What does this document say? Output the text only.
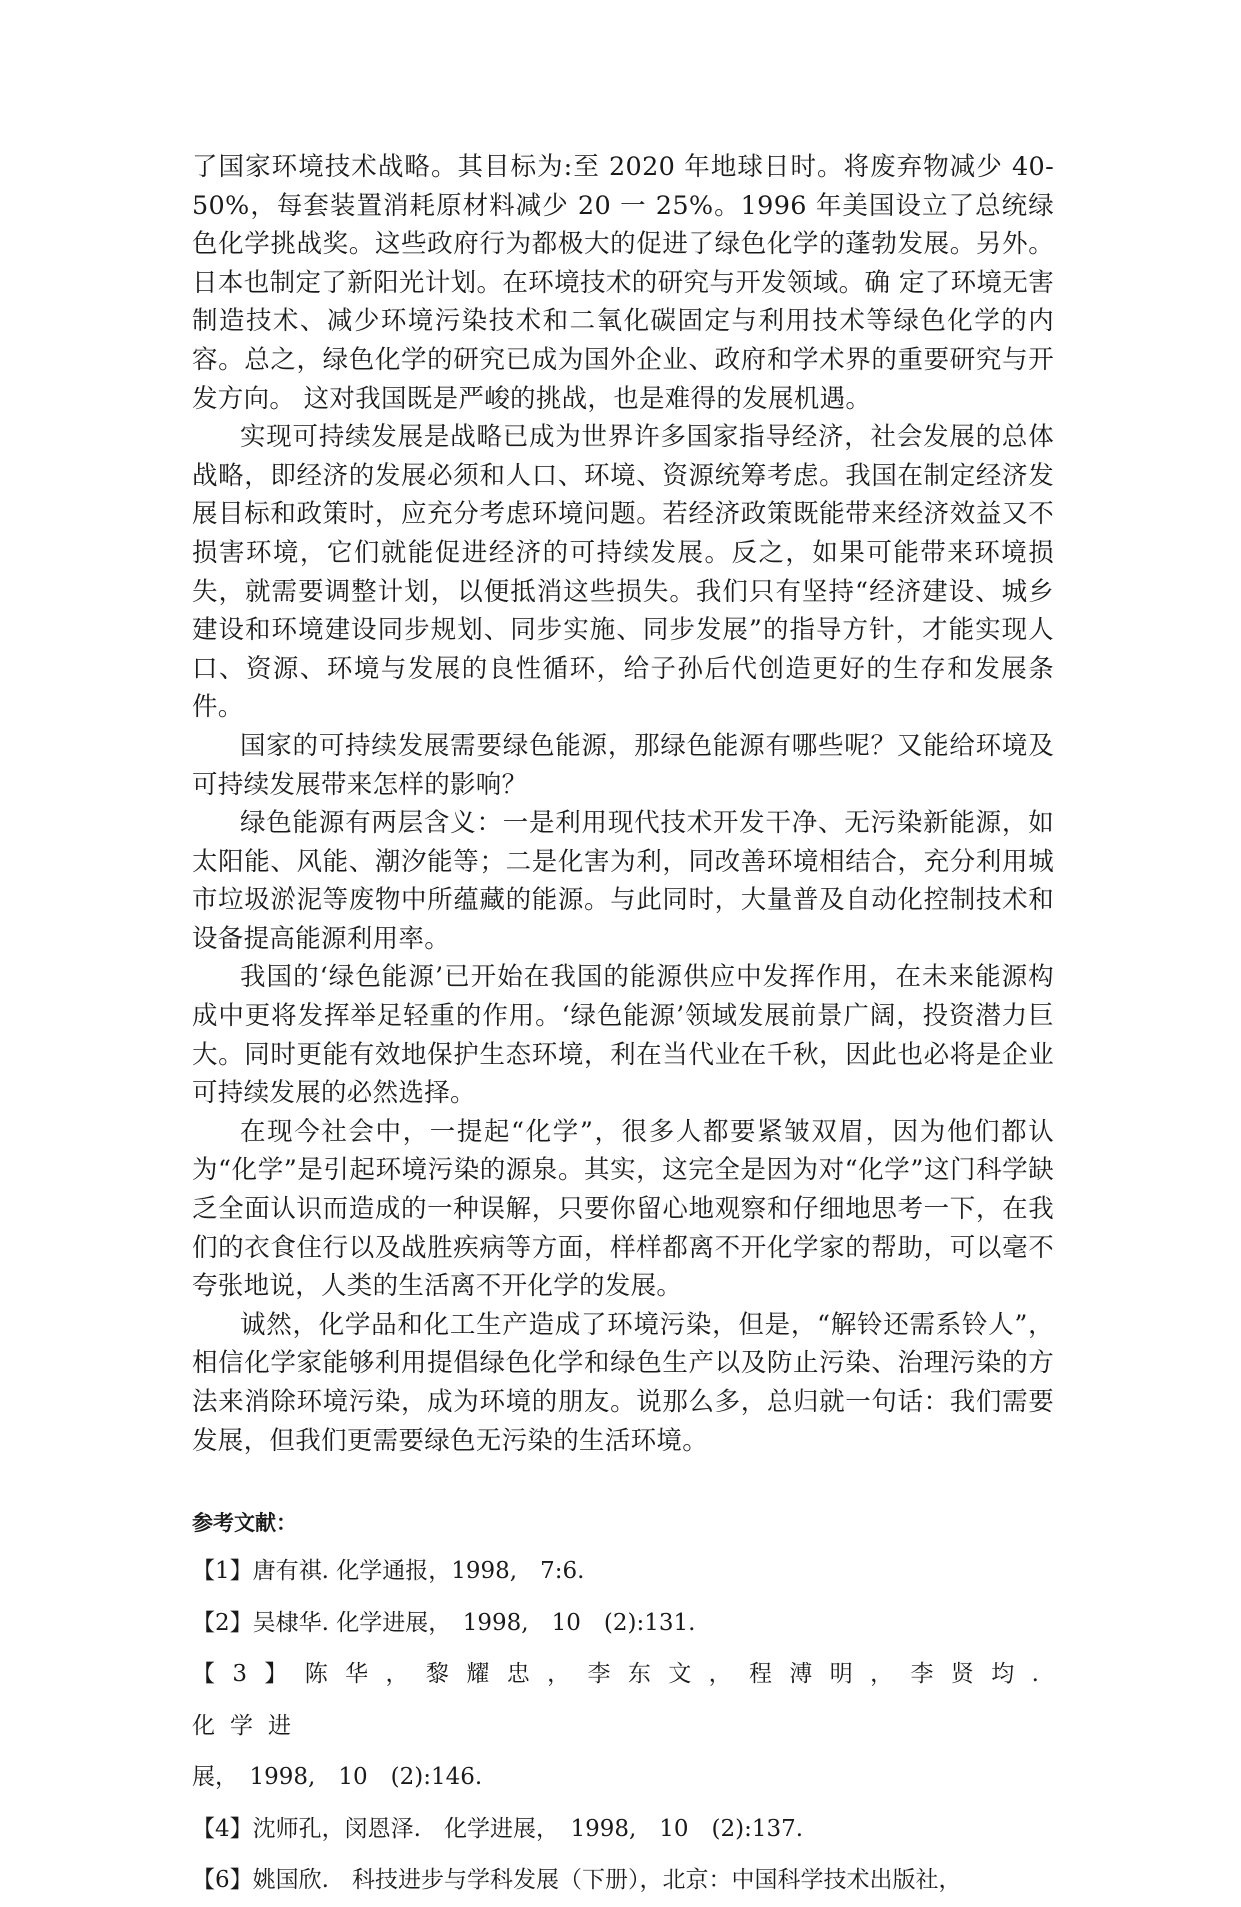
了国家环境技术战略。其目标为:至 2020 年地球日时。将废弃物减少 40-50%，每套装置消耗原材料减少 20 一 25%。1996 年美国设立了总统绿色化学挑战奖。这些政府行为都极大的促进了绿色化学的蓬勃发展。另外。日本也制定了新阳光计划。在环境技术的研究与开发领域。确 定了环境无害制造技术、减少环境污染技术和二氧化碳固定与利用技术等绿色化学的内容。总之，绿色化学的研究已成为国外企业、政府和学术界的重要研究与开发方向。 这对我国既是严峻的挑战，也是难得的发展机遇。

实现可持续发展是战略已成为世界许多国家指导经济，社会发展的总体战略，即经济的发展必须和人口、环境、资源统筹考虑。我国在制定经济发展目标和政策时，应充分考虑环境问题。若经济政策既能带来经济效益又不损害环境，它们就能促进经济的可持续发展。反之，如果可能带来环境损失，就需要调整计划，以便抵消这些损失。我们只有坚持“经济建设、城乡建设和环境建设同步规划、同步实施、同步发展”的指导方针，才能实现人口、资源、环境与发展的良性循环，给子孙后代创造更好的生存和发展条件。

国家的可持续发展需要绿色能源，那绿色能源有哪些呢？又能给环境及可持续发展带来怎样的影响？

绿色能源有两层含义：一是利用现代技术开发干净、无污染新能源，如太阳能、风能、潮汐能等；二是化害为利，同改善环境相结合，充分利用城市垃圾淤泥等废物中所蕴藏的能源。与此同时，大量普及自动化控制技术和设备提高能源利用率。

我国的‘绿色能源’已开始在我国的能源供应中发挥作用，在未来能源构成中更将发挥举足轻重的作用。‘绿色能源’领域发展前景广阔，投资潜力巨大。同时更能有效地保护生态环境，利在当代业在千秋，因此也必将是企业可持续发展的必然选择。

在现今社会中，一提起“化学”，很多人都要紧皱双眉，因为他们都认为“化学”是引起环境污染的源泉。其实，这完全是因为对“化学”这门科学缺乏全面认识而造成的一种误解，只要你留心地观察和仔细地思考一下，在我们的衣食住行以及战胜疾病等方面，样样都离不开化学家的帮助，可以毫不夸张地说，人类的生活离不开化学的发展。

诚然，化学品和化工生产造成了环境污染，但是，“解铃还需系铃人”，相信化学家能够利用提倡绿色化学和绿色生产以及防止污染、治理污染的方法来消除环境污染，成为环境的朋友。说那么多，总归就一句话：我们需要发展，但我们更需要绿色无污染的生活环境。

参考文献：

【1】唐有祺. 化学通报，1998,　7:6.

【2】吴棣华. 化学进展，　1998,　10　(2):131.

【3】陈华，黎耀忠，李东文，程溥明，李贤均. 化学进

展，　1998,　10　(2):146.

【4】沈师孔，闵恩泽.　化学进展，　1998,　10　(2):137.

【6】姚国欣.　科技进步与学科发展（下册），北京：中国科学技术出版社，
